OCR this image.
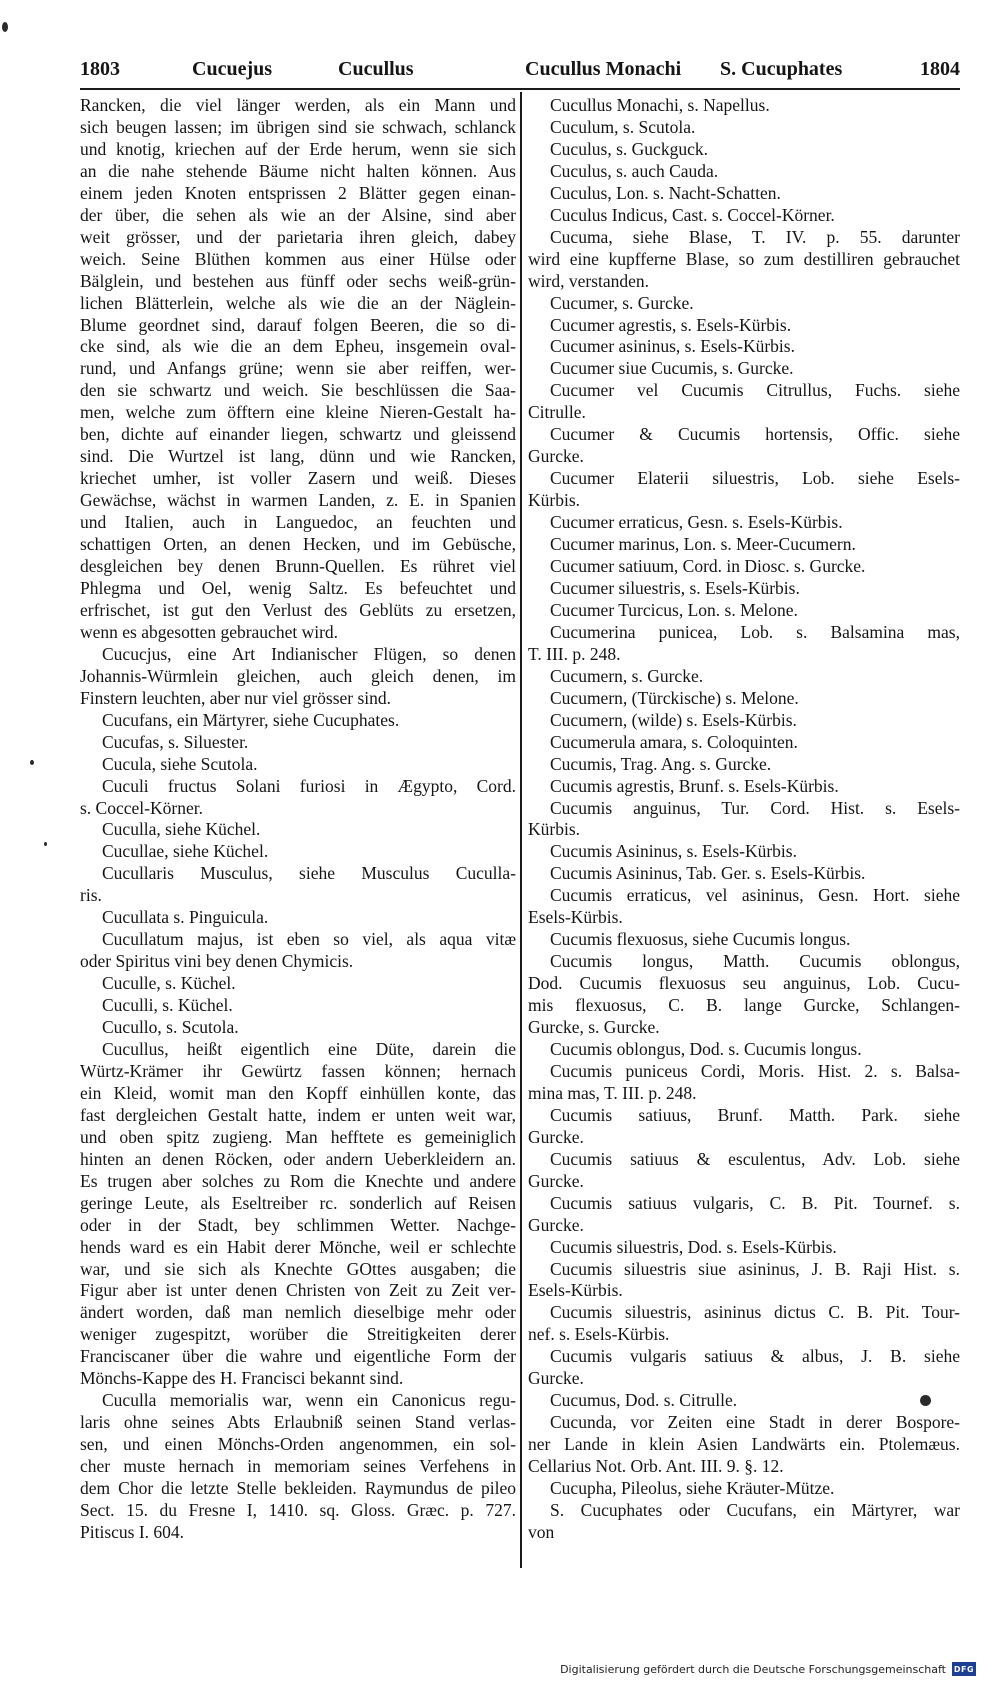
1803	Cucuejus	Cucullus	Cucullus Monachi S. Cucuphates	1804
Rancken, die viel länger werden, als ein Mann und
sich beugen lassen; im übrigen sind sie schwach, schlanck
und knotig, kriechen auf der Erde herum, wenn sie sich
an die nahe stehende Bäume nicht halten können. Aus
einem jeden Knoten entsprissen 2 Blätter gegen einan-
der über, die sehen als wie an der Alsine, sind aber
weit grösser, und der parietaria ihren gleich, dabey
weich. Seine Blüthen kommen aus einer Hülse oder
Bälglein, und bestehen aus fünff oder sechs weiß-grün-
lichen Blätterlein, welche als wie die an der Näglein-
Blume geordnet sind, darauf folgen Beeren, die so di-
cke sind, als wie die an dem Epheu, insgemein oval-
rund, und Anfangs grüne; wenn sie aber reiffen, wer-
den sie schwartz und weich. Sie beschlüssen die Saa-
men, welche zum öfftern eine kleine Nieren-Gestalt ha-
ben, dichte auf einander liegen, schwartz und gleissend
sind. Die Wurtzel ist lang, dünn und wie Rancken,
kriechet umher, ist voller Zasern und weiß. Dieses
Gewächse, wächst in warmen Landen, z. E. in Spanien
und Italien, auch in Languedoc, an feuchten und
schattigen Orten, an denen Hecken, und im Gebüsche,
desgleichen bey denen Brunn-Quellen. Es rühret viel
Phlegma und Oel, wenig Saltz. Es befeuchtet und
erfrischet, ist gut den Verlust des Geblüts zu ersetzen,
wenn es abgesotten gebrauchet wird.
Cucucjus, eine Art Indianischer Flügen, so denen
Johannis-Würmlein gleichen, auch gleich denen, im
Finstern leuchten, aber nur viel grösser sind.
Cucufans, ein Märtyrer, siehe Cucuphates.
Cucufas, s. Siluester.
Cucula, siehe Scutola.
Cuculi fructus Solani furiosi in Ægypto, Cord.
s. Coccel-Körner.
Cuculla, siehe Küchel.
Cucullae, siehe Küchel.
Cucullaris Musculus, siehe Musculus Cuculla-
ris.
Cucullata s. Pinguicula.
Cucullatum majus, ist eben so viel, als aqua vitæ
oder Spiritus vini bey denen Chymicis.
Cuculle, s. Küchel.
Cuculli, s. Küchel.
Cucullo, s. Scutola.
Cucullus, heißt eigentlich eine Düte, darein die
Würtz-Krämer ihr Gewürtz fassen können; hernach
ein Kleid, womit man den Kopff einhüllen konte, das
fast dergleichen Gestalt hatte, indem er unten weit war,
und oben spitz zugieng. Man hefftete es gemeiniglich
hinten an denen Röcken, oder andern Ueberkleidern an.
Es trugen aber solches zu Rom die Knechte und andere
geringe Leute, als Eseltreiber rc. sonderlich auf Reisen
oder in der Stadt, bey schlimmen Wetter. Nachge-
hends ward es ein Habit derer Mönche, weil er schlechte
war, und sie sich als Knechte GOttes ausgaben; die
Figur aber ist unter denen Christen von Zeit zu Zeit ver-
ändert worden, daß man nemlich dieselbige mehr oder
weniger zugespitzt, worüber die Streitigkeiten derer
Franciscaner über die wahre und eigentliche Form der
Mönchs-Kappe des H. Francisci bekannt sind.
Cuculla memorialis war, wenn ein Canonicus regu-
laris ohne seines Abts Erlaubniß seinen Stand verlas-
sen, und einen Mönchs-Orden angenommen, ein sol-
cher muste hernach in memoriam seines Verfehens in
dem Chor die letzte Stelle bekleiden. Raymundus de pileo
Sect. 15. du Fresne I, 1410. sq. Gloss. Græc. p. 727.
Pitiscus I. 604.
Cucullus Monachi, s. Napellus.
Cuculum, s. Scutola.
Cuculus, s. Guckguck.
Cuculus, s. auch Cauda.
Cuculus, Lon. s. Nacht-Schatten.
Cuculus Indicus, Cast. s. Coccel-Körner.
Cucuma, siehe Blase, T. IV. p. 55. darunter
wird eine kupfferne Blase, so zum destilliren gebrauchet
wird, verstanden.
Cucumer, s. Gurcke.
Cucumer agrestis, s. Esels-Kürbis.
Cucumer asininus, s. Esels-Kürbis.
Cucumer siue Cucumis, s. Gurcke.
Cucumer vel Cucumis Citrullus, Fuchs. siehe
Citrulle.
Cucumer & Cucumis hortensis, Offic. siehe
Gurcke.
Cucumer Elaterii siluestris, Lob. siehe Esels-
Kürbis.
Cucumer erraticus, Gesn. s. Esels-Kürbis.
Cucumer marinus, Lon. s. Meer-Cucumern.
Cucumer satiuum, Cord. in Diosc. s. Gurcke.
Cucumer siluestris, s. Esels-Kürbis.
Cucumer Turcicus, Lon. s. Melone.
Cucumerina punicea, Lob. s. Balsamina mas,
T. III. p. 248.
Cucumern, s. Gurcke.
Cucumern, (Türckische) s. Melone.
Cucumern, (wilde) s. Esels-Kürbis.
Cucumerula amara, s. Coloquinten.
Cucumis, Trag. Ang. s. Gurcke.
Cucumis agrestis, Brunf. s. Esels-Kürbis.
Cucumis anguinus, Tur. Cord. Hist. s. Esels-
Kürbis.
Cucumis Asininus, s. Esels-Kürbis.
Cucumis Asininus, Tab. Ger. s. Esels-Kürbis.
Cucumis erraticus, vel asininus, Gesn. Hort. siehe
Esels-Kürbis.
Cucumis flexuosus, siehe Cucumis longus.
Cucumis longus, Matth. Cucumis oblongus,
Dod. Cucumis flexuosus seu anguinus, Lob. Cucu-
mis flexuosus, C. B. lange Gurcke, Schlangen-
Gurcke, s. Gurcke.
Cucumis oblongus, Dod. s. Cucumis longus.
Cucumis puniceus Cordi, Moris. Hist. 2. s. Balsa-
mina mas, T. III. p. 248.
Cucumis satiuus, Brunf. Matth. Park. siehe
Gurcke.
Cucumis satiuus & esculentus, Adv. Lob. siehe
Gurcke.
Cucumis satiuus vulgaris, C. B. Pit. Tournef. s.
Gurcke.
Cucumis siluestris, Dod. s. Esels-Kürbis.
Cucumis siluestris siue asininus, J. B. Raji Hist. s.
Esels-Kürbis.
Cucumis siluestris, asininus dictus C. B. Pit. Tour-
nef. s. Esels-Kürbis.
Cucumis vulgaris satiuus & albus, J. B. siehe
Gurcke.
Cucumus, Dod. s. Citrulle.
Cucunda, vor Zeiten eine Stadt in derer Bospore-
ner Lande in klein Asien Landwärts ein. Ptolemæus.
Cellarius Not. Orb. Ant. III. 9. §. 12.
Cucupha, Pileolus, siehe Kräuter-Mütze.
S. Cucuphates oder Cucufans, ein Märtyrer, war
von
Digitalisierung gefördert durch die Deutsche Forschungsgemeinschaft DFG
